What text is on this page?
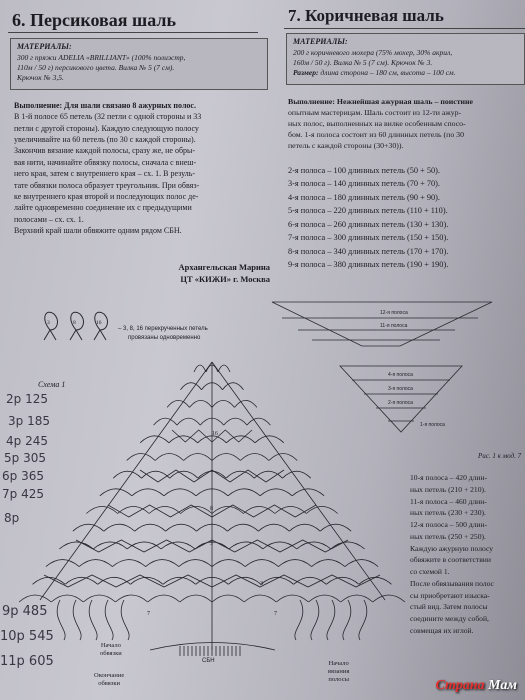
6. Персиковая шаль
МАТЕРИАЛЫ:
300 г пряжи ADELIA «BRILLIANT» (100% полиэстр,
110м / 50 г) персикового цвета. Вилка № 5 (7 см).
Крючок № 3,5.
Выполнение: Для шали связано 8 ажурных полос.
В 1-й полосе 65 петель (32 петли с одной стороны и 33
петли с другой стороны). Каждую следующую полосу
увеличивайте на 60 петель (по 30 с каждой стороны).
Закончив вязание каждой полосы, сразу же, не обры-
вая нити, начинайте обвязку полосы, сначала с внеш-
него края, затем с внутреннего края – сх. 1. В резуль-
тате обвязки полоса образует треугольник. При обвяз-
ке внутреннего края второй и последующих полос де-
лайте одновременно соединение их с предыдущими
полосами – сх. сх. 1.
Верхний край шали обвяжите одним рядом СБН.
Архангельская Марина
ЦТ «КИЖИ» г. Москва
7. Коричневая шаль
МАТЕРИАЛЫ:
200 г коричневого мохера (75% мохер, 30% акрил,
160м / 50 г). Вилка № 5 (7 см). Крючок № 3.
Размер: длина сторона – 180 см, высота – 100 см.
Выполнение: Нежнейшая ажурная шаль – поистине
опытным мастерицам. Шаль состоит из 12-ти ажур-
ных полос, выполненных на вилке особенным спосо-
бом. 1-я полоса состоит из 60 длинных петель (по 30
петель с каждой стороны (30+30)).
2-я полоса – 100 длинных петель (50 + 50).
3-я полоса – 140 длинных петель (70 + 70).
4-я полоса – 180 длинных петель (90 + 90).
5-я полоса – 220 длинных петель (110 + 110).
6-я полоса – 260 длинных петель (130 + 130).
7-я полоса – 300 длинных петель (150 + 150).
8-я полоса – 340 длинных петель (170 + 170).
9-я полоса – 380 длинных петель (190 + 190).
Рис. 1 к мод. 7
10-я полоса – 420 длин-
ных петель (210 + 210).
11-я полоса – 460 длин-
ных петель (230 + 230).
12-я полоса – 500 длин-
ных петель (250 + 250).
Каждую ажурную полосу
обвяжите в соответствии
со схемой 1.
После обвязывания полос
сы приобретают изыска-
стый вид. Затем полосы
соедините между собой,
совмещая их иглой.
12-я полоса
11-я полоса
4-я полоса
3-я полоса
2-я полоса
1-я полоса
3	8	16
– 3, 8, 16 перекрученных петель
провязаны одновременно
Схема 1
16
8
3
7
3
7
СБН
Начало
обвязки
Окончание
обвязки
Начало
вязания
полосы
2р 125
3р 185
4р 245
5р 305
6р 365
7р 425
8р
9р 485
10р 545
11р 605
Страна Мам
